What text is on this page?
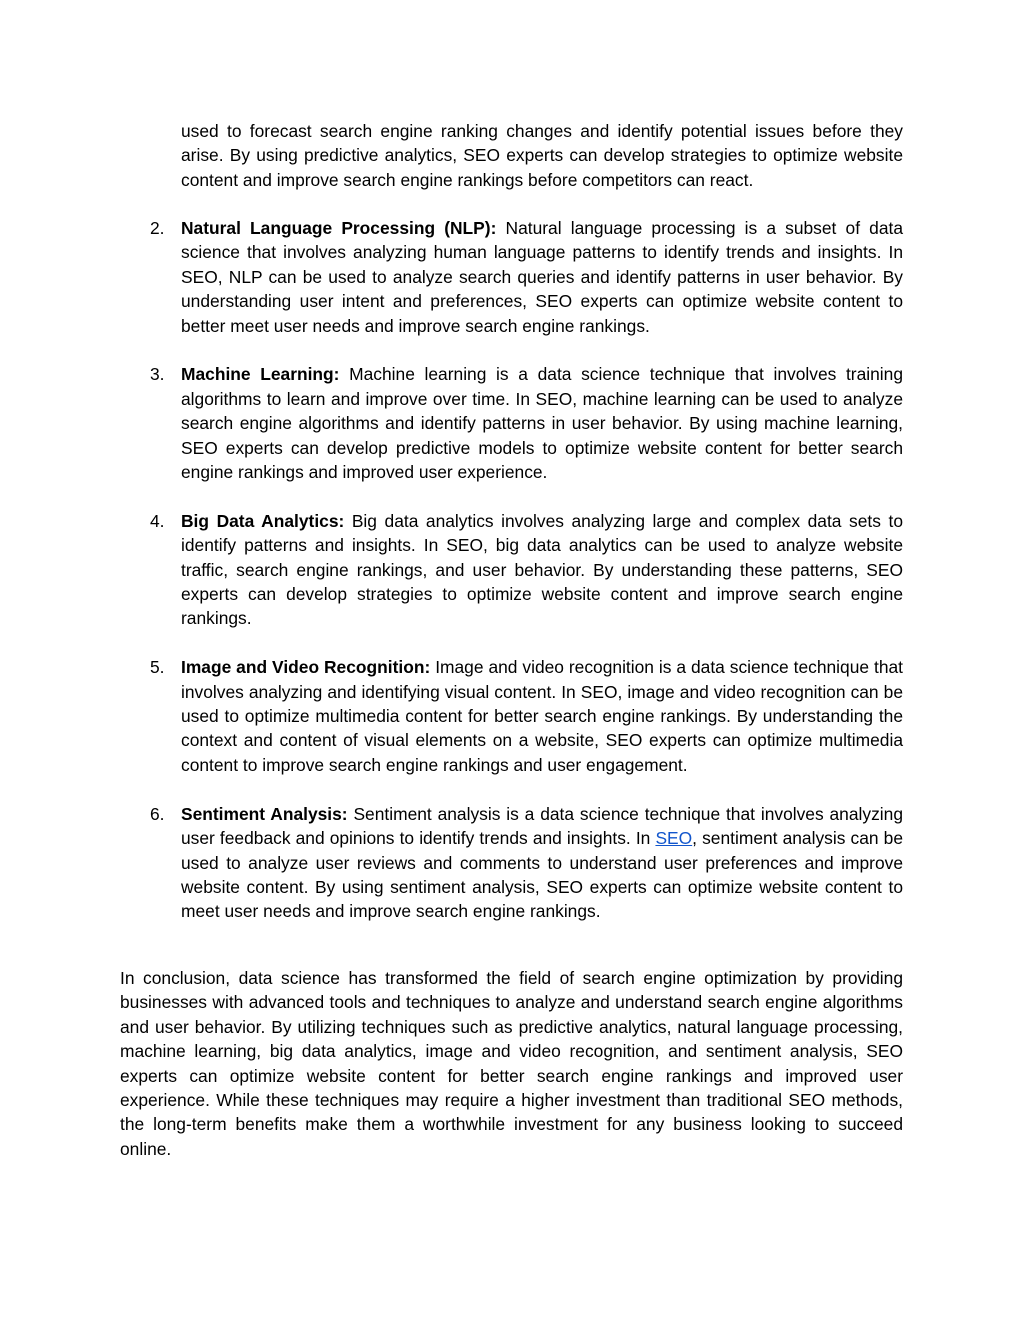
used to forecast search engine ranking changes and identify potential issues before they arise. By using predictive analytics, SEO experts can develop strategies to optimize website content and improve search engine rankings before competitors can react.

2. Natural Language Processing (NLP): Natural language processing is a subset of data science that involves analyzing human language patterns to identify trends and insights. In SEO, NLP can be used to analyze search queries and identify patterns in user behavior. By understanding user intent and preferences, SEO experts can optimize website content to better meet user needs and improve search engine rankings.
3. Machine Learning: Machine learning is a data science technique that involves training algorithms to learn and improve over time. In SEO, machine learning can be used to analyze search engine algorithms and identify patterns in user behavior. By using machine learning, SEO experts can develop predictive models to optimize website content for better search engine rankings and improved user experience.
4. Big Data Analytics: Big data analytics involves analyzing large and complex data sets to identify patterns and insights. In SEO, big data analytics can be used to analyze website traffic, search engine rankings, and user behavior. By understanding these patterns, SEO experts can develop strategies to optimize website content and improve search engine rankings.
5. Image and Video Recognition: Image and video recognition is a data science technique that involves analyzing and identifying visual content. In SEO, image and video recognition can be used to optimize multimedia content for better search engine rankings. By understanding the context and content of visual elements on a website, SEO experts can optimize multimedia content to improve search engine rankings and user engagement.
6. Sentiment Analysis: Sentiment analysis is a data science technique that involves analyzing user feedback and opinions to identify trends and insights. In SEO, sentiment analysis can be used to analyze user reviews and comments to understand user preferences and improve website content. By using sentiment analysis, SEO experts can optimize website content to meet user needs and improve search engine rankings.

In conclusion, data science has transformed the field of search engine optimization by providing businesses with advanced tools and techniques to analyze and understand search engine algorithms and user behavior. By utilizing techniques such as predictive analytics, natural language processing, machine learning, big data analytics, image and video recognition, and sentiment analysis, SEO experts can optimize website content for better search engine rankings and improved user experience. While these techniques may require a higher investment than traditional SEO methods, the long-term benefits make them a worthwhile investment for any business looking to succeed online.
